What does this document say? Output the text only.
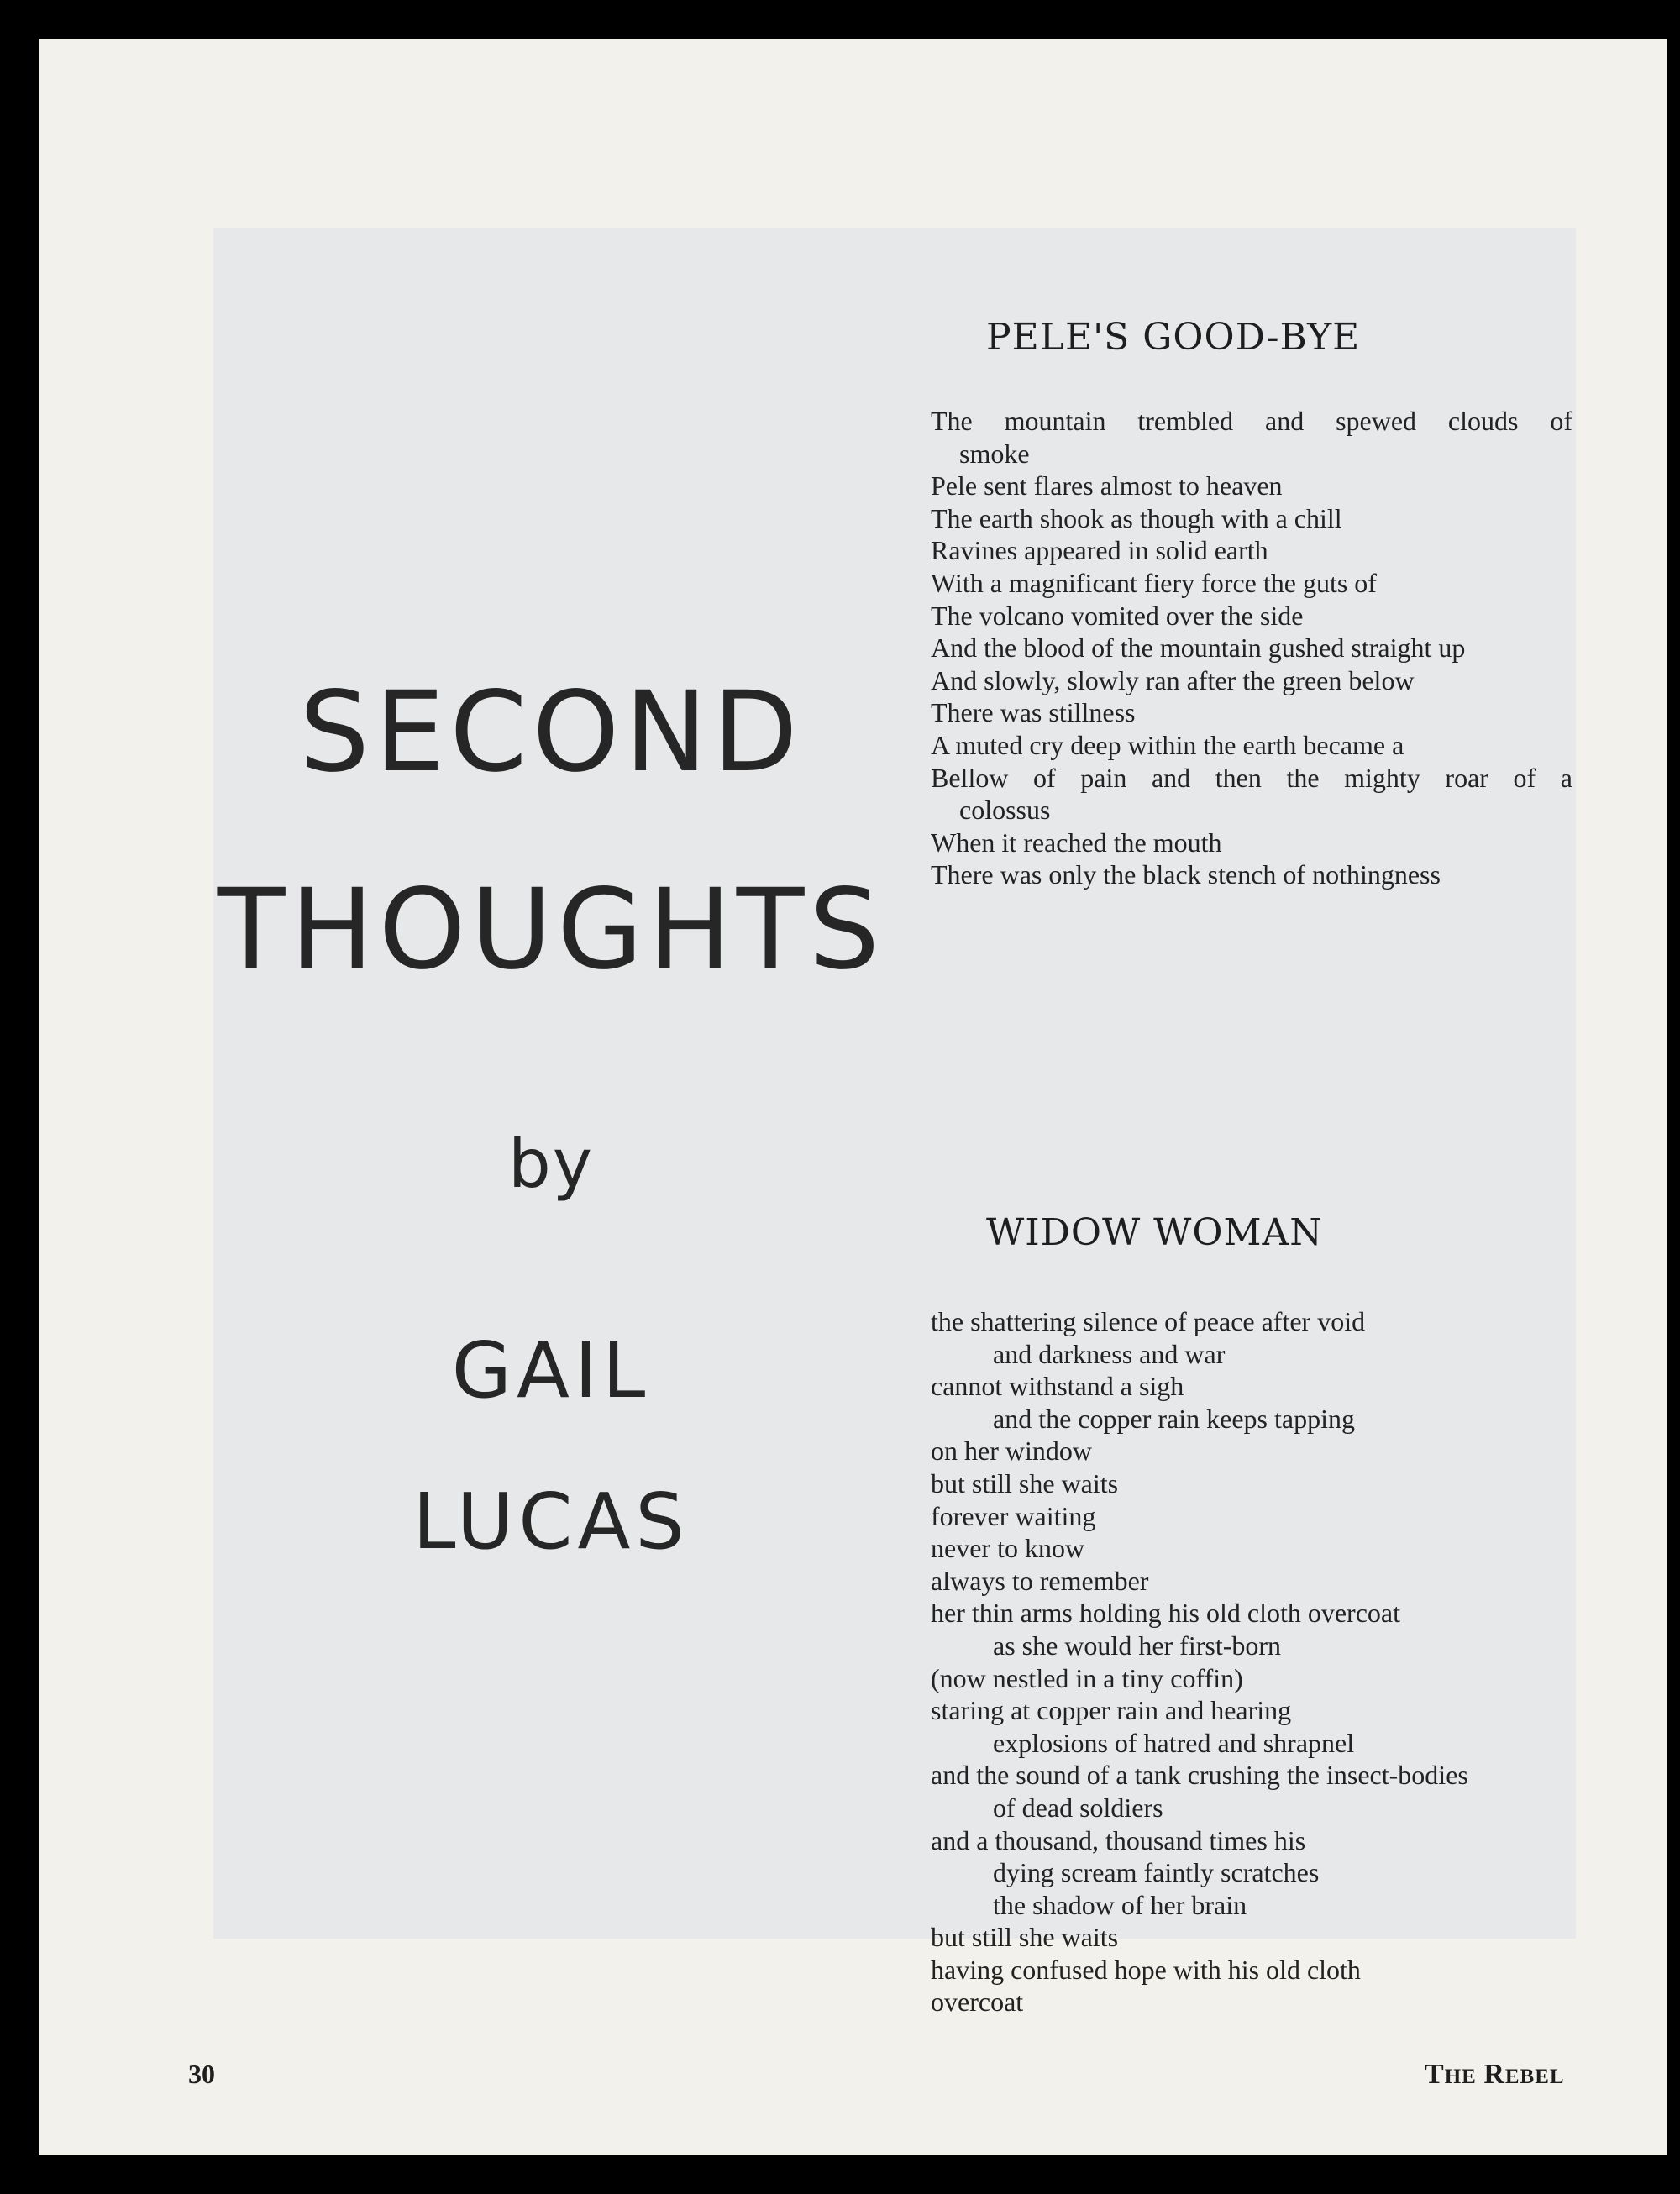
SECOND
THOUGHTS
by
GAIL
LUCAS
PELE'S GOOD-BYE
The mountain trembled and spewed clouds of
smoke
Pele sent flares almost to heaven
The earth shook as though with a chill
Ravines appeared in solid earth
With a magnificant fiery force the guts of
The volcano vomited over the side
And the blood of the mountain gushed straight up
And slowly, slowly ran after the green below
There was stillness
A muted cry deep within the earth became a
Bellow of pain and then the mighty roar of a
colossus
When it reached the mouth
There was only the black stench of nothingness
WIDOW WOMAN
the shattering silence of peace after void
and darkness and war
cannot withstand a sigh
and the copper rain keeps tapping
on her window
but still she waits
forever waiting
never to know
always to remember
her thin arms holding his old cloth overcoat
as she would her first-born
(now nestled in a tiny coffin)
staring at copper rain and hearing
explosions of hatred and shrapnel
and the sound of a tank crushing the insect-bodies
of dead soldiers
and a thousand, thousand times his
dying scream faintly scratches
the shadow of her brain
but still she waits
having confused hope with his old cloth
overcoat
30	THE REBEL
